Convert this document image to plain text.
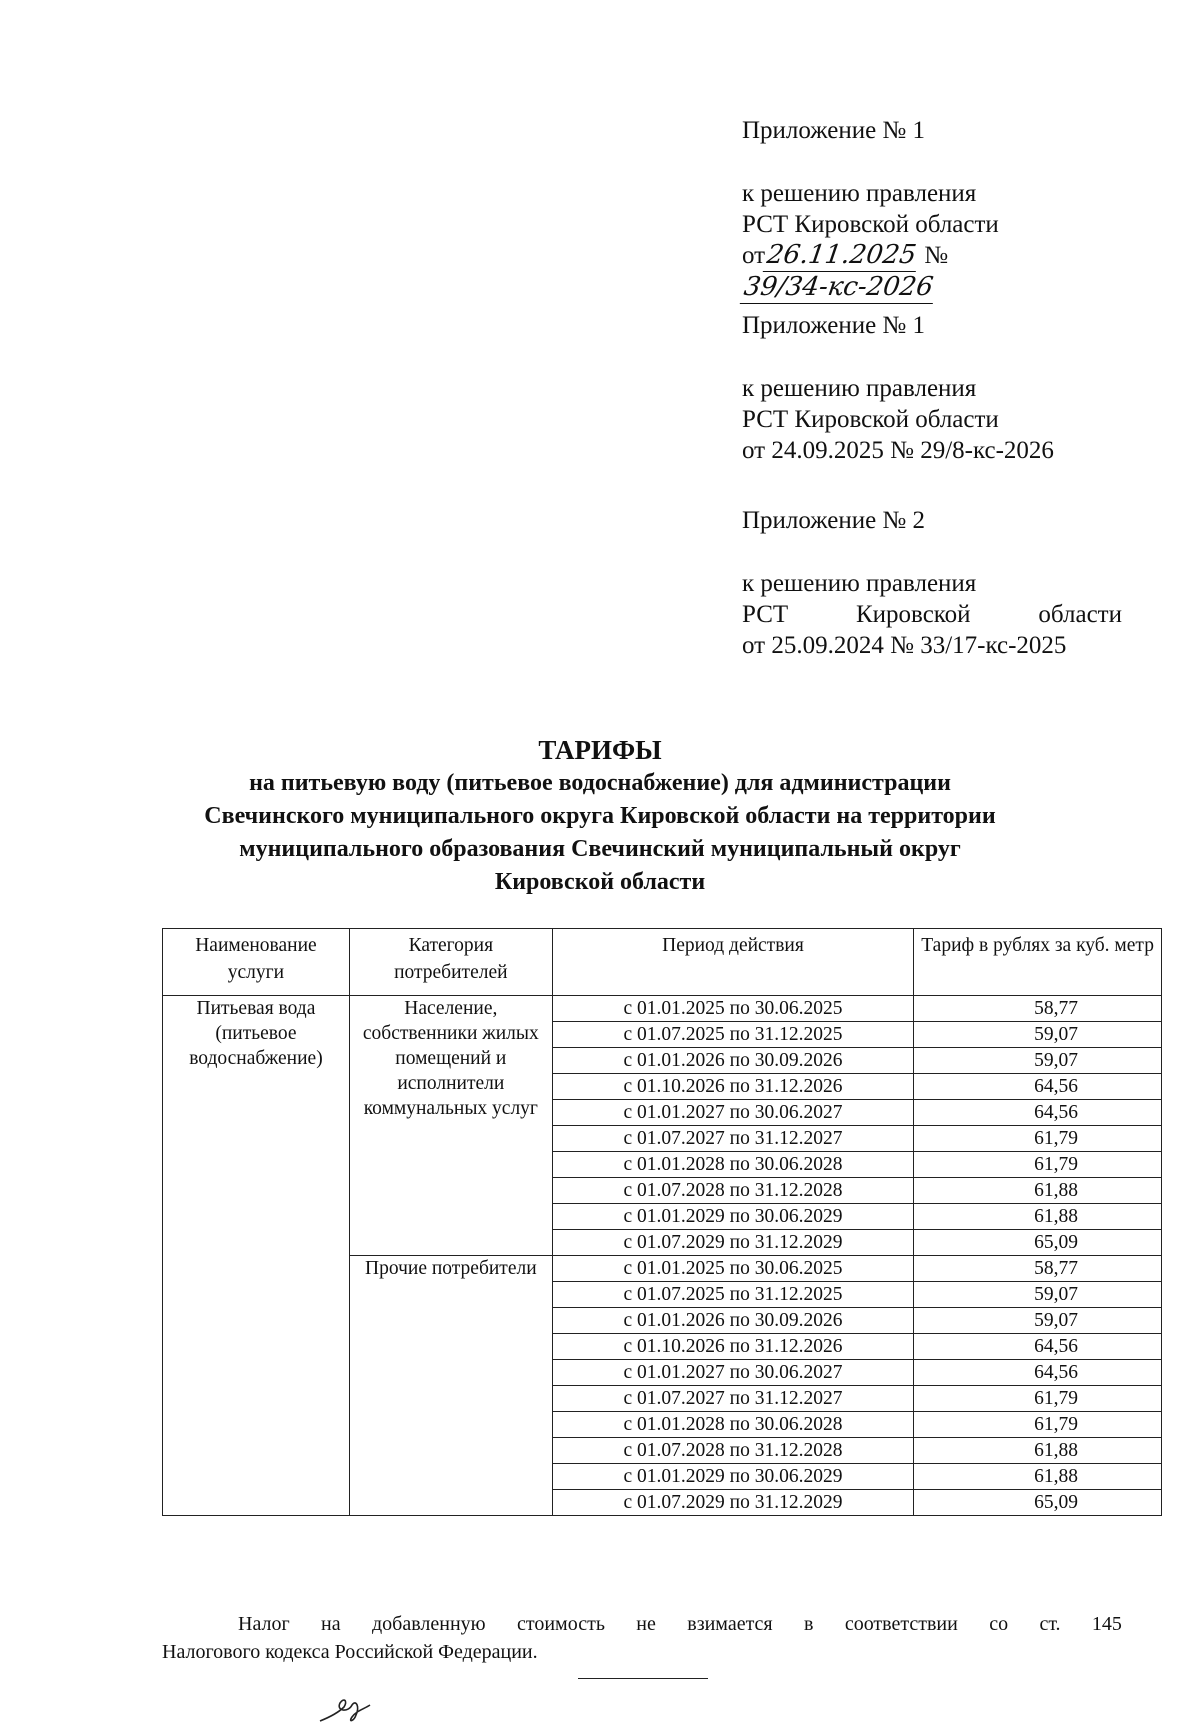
Приложение № 1

к решению правления

РСТ Кировской области

от26.11.2025 №39/34-кс-2026

Приложение № 1

к решению правления

РСТ Кировской области

от 24.09.2025 № 29/8-кс-2026

Приложение № 2

к решению правления

РСТ	Кировской	области

от 25.09.2024 № 33/17-кс-2025

ТАРИФЫ
на питьевую воду (питьевое водоснабжение) для администрации
Свечинского муниципального округа Кировской области на территории
муниципального образования Свечинский муниципальный округ
Кировской области
Наименование услуги	Категория потребителей	Период действия	Тариф в рублях за куб. метр
Питьевая вода (питьевое водоснабжение)	Население, собственники жилых помещений и исполнители коммунальных услуг	с 01.01.2025 по 30.06.2025	58,77
		с 01.07.2025 по 31.12.2025	59,07
		с 01.01.2026 по 30.09.2026	59,07
		с 01.10.2026 по 31.12.2026	64,56
		с 01.01.2027 по 30.06.2027	64,56
		с 01.07.2027 по 31.12.2027	61,79
		с 01.01.2028 по 30.06.2028	61,79
		с 01.07.2028 по 31.12.2028	61,88
		с 01.01.2029 по 30.06.2029	61,88
		с 01.07.2029 по 31.12.2029	65,09
	Прочие потребители	с 01.01.2025 по 30.06.2025	58,77
		с 01.07.2025 по 31.12.2025	59,07
		с 01.01.2026 по 30.09.2026	59,07
		с 01.10.2026 по 31.12.2026	64,56
		с 01.01.2027 по 30.06.2027	64,56
		с 01.07.2027 по 31.12.2027	61,79
		с 01.01.2028 по 30.06.2028	61,79
		с 01.07.2028 по 31.12.2028	61,88
		с 01.01.2029 по 30.06.2029	61,88
		с 01.07.2029 по 31.12.2029	65,09
Налог на добавленную стоимость не взимается в соответствии со ст. 145
Налогового кодекса Российской Федерации.
